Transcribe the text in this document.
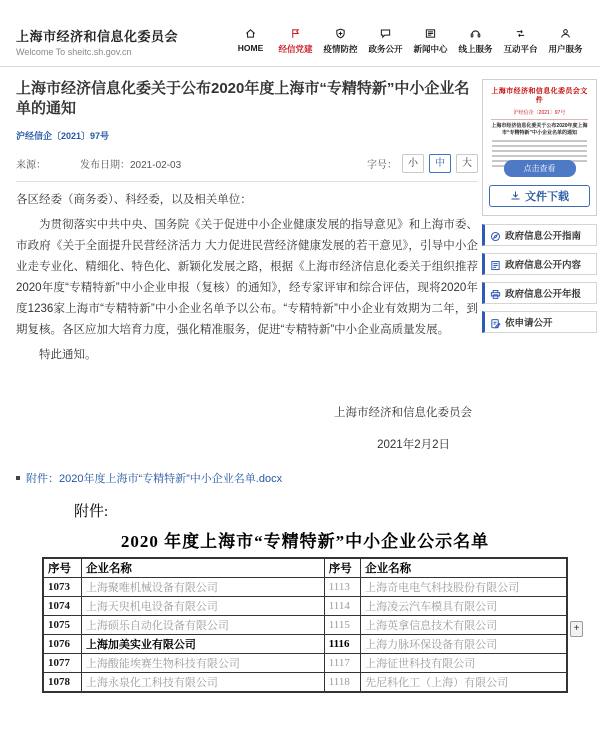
上海市经济和信息化委员会
Welcome To sheitc.sh.gov.cn	HOME	经信党建	疫情防控	政务公开	新闻中心	线上服务	互动平台	用户服务
上海市经济信息化委关于公布2020年度上海市“专精特新”中小企业名单的通知
沪经信企〔2021〕97号
来源：	发布日期：2021-02-03	字号：	小	中	大

各区经委（商务委）、科经委，以及相关单位：

为贯彻落实中共中央、国务院《关于促进中小企业健康发展的指导意见》和上海市委、市政府《关于全面提升民营经济活力 大力促进民营经济健康发展的若干意见》，引导中小企业走专业化、精细化、特色化、新颖化发展之路，根据《上海市经济信息化委关于组织推荐2020年度“专精特新”中小企业申报（复核）的通知》，经专家评审和综合评估，现将2020年度1236家上海市“专精特新”中小企业名单予以公布。“专精特新”中小企业有效期为二年，到期复核。各区应加大培育力度，强化精准服务，促进“专精特新”中小企业高质量发展。

特此通知。

上海市经济和信息化委员会
2021年2月2日
附件：2020年度上海市“专精特新”中小企业名单.docx
上海市经济和信息化委员会文件
沪经信企〔2021〕97号
上海市经济信息化委关于公布2020年度上海市“专精特新”中小企业名单的通知
点击查看
文件下载
政府信息公开指南
政府信息公开内容
政府信息公开年报
依申请公开
附件:
2020 年度上海市“专精特新”中小企业公示名单
序号	企业名称	序号	企业名称
1073	上海聚唯机械设备有限公司	1113	上海奇电电气科技股份有限公司
1074	上海天臾机电设备有限公司	1114	上海凌云汽车模具有限公司
1075	上海硕乐自动化设备有限公司	1115	上海英拿信息技术有限公司
1076	上海加美实业有限公司	1116	上海力脉环保设备有限公司
1077	上海酸能埃赛生物科技有限公司	1117	上海征世科技有限公司
1078	上海永泉化工科技有限公司	1118	先尼科化工（上海）有限公司
+
